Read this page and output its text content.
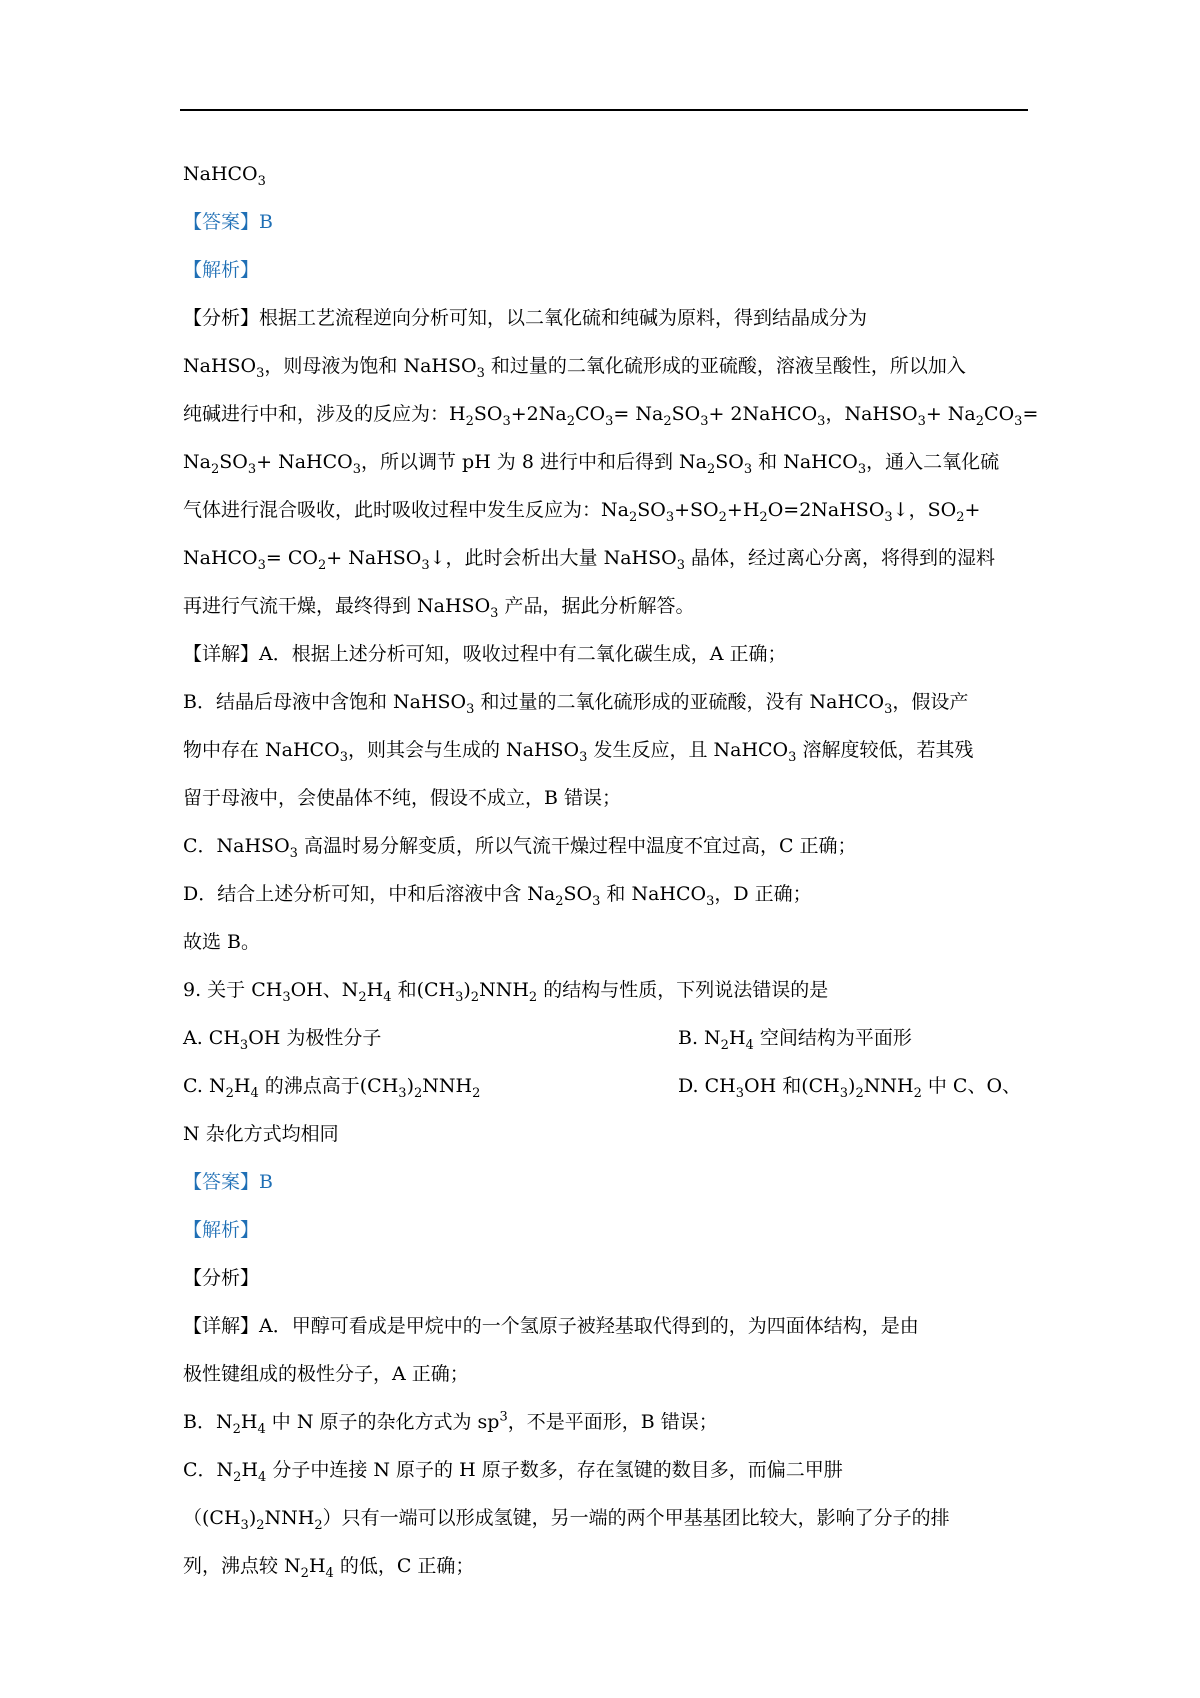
NaHCO$_3$
【答案】B
【解析】
【分析】根据工艺流程逆向分析可知，以二氧化硫和纯碱为原料，得到结晶成分为
NaHSO$_3$，则母液为饱和 NaHSO$_3$ 和过量的二氧化硫形成的亚硫酸，溶液呈酸性，所以加入
纯碱进行中和，涉及的反应为：$H_2SO_3+2Na_2CO_3= Na_2SO_3+$ 2NaHCO$_3$，NaHSO$_3$+ $Na_2CO_3=$
$Na_2SO_3+$ NaHCO$_3$，所以调节 pH 为 8 进行中和后得到 $Na_2SO_3$ 和 NaHCO$_3$，通入二氧化硫
气体进行混合吸收，此时吸收过程中发生反应为：$Na_2SO_3+SO_2+H_2O=2NaHSO_3↓$，$SO_2+$
NaHCO$_3$= $CO_2+$ NaHSO$_3$↓，此时会析出大量 NaHSO$_3$ 晶体，经过离心分离，将得到的湿料
再进行气流干燥，最终得到 NaHSO$_3$ 产品，据此分析解答。
【详解】A．根据上述分析可知，吸收过程中有二氧化碳生成，A 正确；
B．结晶后母液中含饱和 NaHSO$_3$ 和过量的二氧化硫形成的亚硫酸，没有 NaHCO$_3$，假设产
物中存在 NaHCO$_3$，则其会与生成的 NaHSO$_3$ 发生反应，且 NaHCO$_3$ 溶解度较低，若其残
留于母液中，会使晶体不纯，假设不成立，B 错误；
C．NaHSO$_3$ 高温时易分解变质，所以气流干燥过程中温度不宜过高，C 正确；
D．结合上述分析可知，中和后溶液中含 $Na_2SO_3$ 和 NaHCO$_3$，D 正确；
故选 B。
9. 关于 $CH_3OH$、$N_2H_4$ 和$(CH_3)_2NNH_2$ 的结构与性质，下列说法错误的是
A. $CH_3OH$ 为极性分子	B. $N_2H_4$ 空间结构为平面形
C. $N_2H_4$ 的沸点高于$(CH_3)_2NNH_2$	D. $CH_3OH$ 和$(CH_3)_2NNH_2$ 中 C、O、
N 杂化方式均相同
【答案】B
【解析】
【分析】
【详解】A．甲醇可看成是甲烷中的一个氢原子被羟基取代得到的，为四面体结构，是由
极性键组成的极性分子，A 正确；
B．$N_2H_4$ 中 N 原子的杂化方式为 $sp^3$，不是平面形，B 错误；
C．$N_2H_4$ 分子中连接 N 原子的 H 原子数多，存在氢键的数目多，而偏二甲肼
$((CH_3)_2NNH_2)$只有一端可以形成氢键，另一端的两个甲基基团比较大，影响了分子的排
列，沸点较 $N_2H_4$ 的低，C 正确；
